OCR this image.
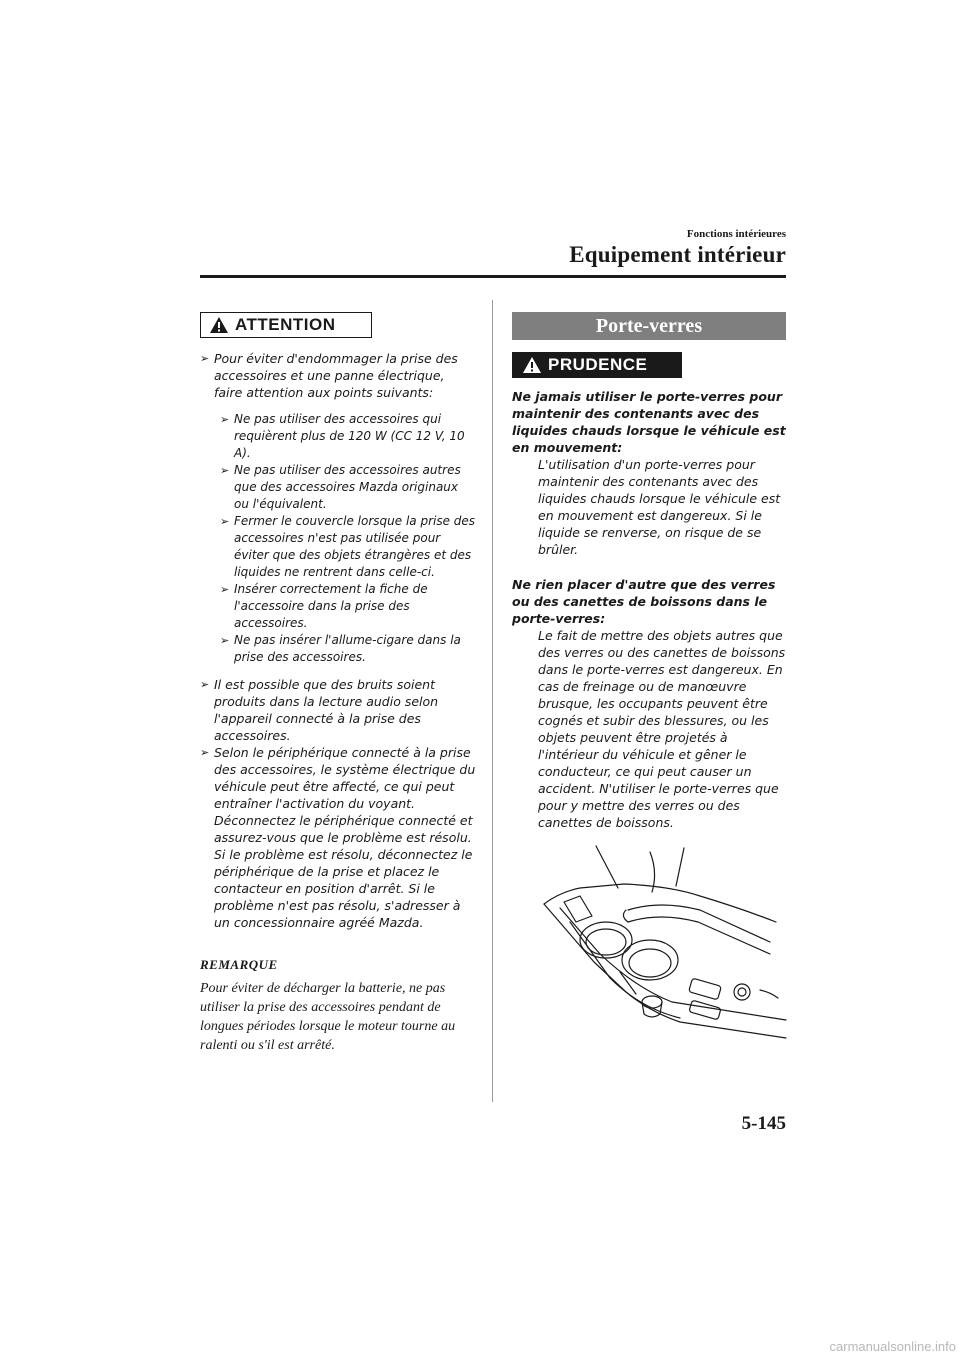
Fonctions intérieures
Equipement intérieur
ATTENTION

➢ Pour éviter d'endommager la prise des accessoires et une panne électrique, faire attention aux points suivants:

➢ Ne pas utiliser des accessoires qui requièrent plus de 120 W (CC 12 V, 10 A).

➢ Ne pas utiliser des accessoires autres que des accessoires Mazda originaux ou l'équivalent.

➢ Fermer le couvercle lorsque la prise des accessoires n'est pas utilisée pour éviter que des objets étrangères et des liquides ne rentrent dans celle-ci.

➢ Insérer correctement la fiche de l'accessoire dans la prise des accessoires.

➢ Ne pas insérer l'allume-cigare dans la prise des accessoires.

➢ Il est possible que des bruits soient produits dans la lecture audio selon l'appareil connecté à la prise des accessoires.

➢ Selon le périphérique connecté à la prise des accessoires, le système électrique du véhicule peut être affecté, ce qui peut entraîner l'activation du voyant. Déconnectez le périphérique connecté et assurez-vous que le problème est résolu. Si le problème est résolu, déconnectez le périphérique de la prise et placez le contacteur en position d'arrêt. Si le problème n'est pas résolu, s'adresser à un concessionnaire agréé Mazda.

REMARQUE
Pour éviter de décharger la batterie, ne pas utiliser la prise des accessoires pendant de longues périodes lorsque le moteur tourne au ralenti ou s'il est arrêté.
Porte-verres
PRUDENCE
Ne jamais utiliser le porte-verres pour maintenir des contenants avec des liquides chauds lorsque le véhicule est en mouvement:
L'utilisation d'un porte-verres pour maintenir des contenants avec des liquides chauds lorsque le véhicule est en mouvement est dangereux. Si le liquide se renverse, on risque de se brûler.
Ne rien placer d'autre que des verres ou des canettes de boissons dans le porte-verres:
Le fait de mettre des objets autres que des verres ou des canettes de boissons dans le porte-verres est dangereux. En cas de freinage ou de manœuvre brusque, les occupants peuvent être cognés et subir des blessures, ou les objets peuvent être projetés à l'intérieur du véhicule et gêner le conducteur, ce qui peut causer un accident. N'utiliser le porte-verres que pour y mettre des verres ou des canettes de boissons.
5-145
carmanualsonline.info
